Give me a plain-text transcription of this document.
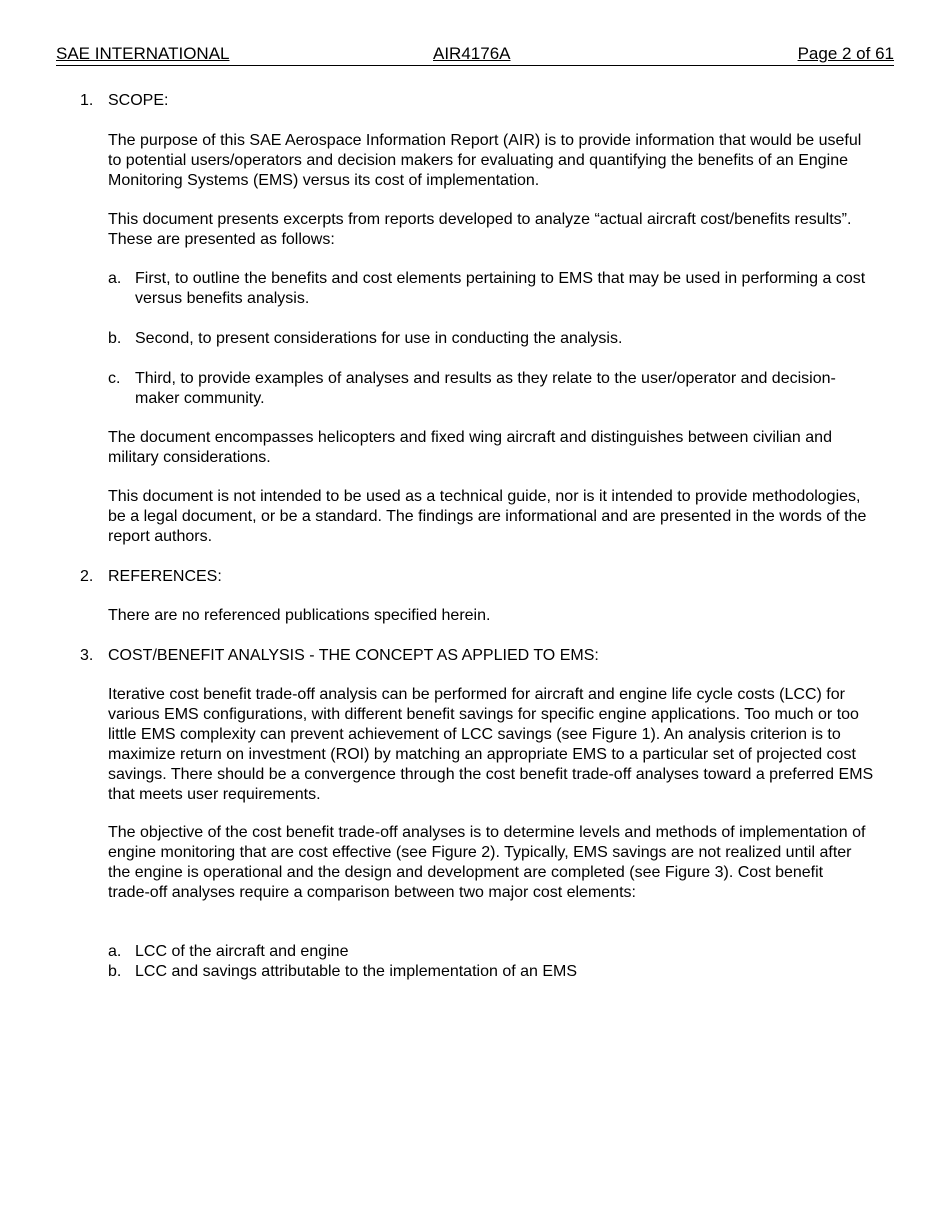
SAE INTERNATIONAL	AIR4176A	Page 2 of 61
1. SCOPE:
The purpose of this SAE Aerospace Information Report (AIR) is to provide information that would be useful to potential users/operators and decision makers for evaluating and quantifying the benefits of an Engine Monitoring Systems (EMS) versus its cost of implementation.
This document presents excerpts from reports developed to analyze “actual aircraft cost/benefits results”. These are presented as follows:
a. First, to outline the benefits and cost elements pertaining to EMS that may be used in performing a cost versus benefits analysis.
b. Second, to present considerations for use in conducting the analysis.
c. Third, to provide examples of analyses and results as they relate to the user/operator and decision-maker community.
The document encompasses helicopters and fixed wing aircraft and distinguishes between civilian and military considerations.
This document is not intended to be used as a technical guide, nor is it intended to provide methodologies, be a legal document, or be a standard. The findings are informational and are presented in the words of the report authors.
2. REFERENCES:
There are no referenced publications specified herein.
3. COST/BENEFIT ANALYSIS - THE CONCEPT AS APPLIED TO EMS:
Iterative cost benefit trade-off analysis can be performed for aircraft and engine life cycle costs (LCC) for various EMS configurations, with different benefit savings for specific engine applications. Too much or too little EMS complexity can prevent achievement of LCC savings (see Figure 1). An analysis criterion is to maximize return on investment (ROI) by matching an appropriate EMS to a particular set of projected cost savings. There should be a convergence through the cost benefit trade-off analyses toward a preferred EMS that meets user requirements.
The objective of the cost benefit trade-off analyses is to determine levels and methods of implementation of engine monitoring that are cost effective (see Figure 2). Typically, EMS savings are not realized until after the engine is operational and the design and development are completed (see Figure 3). Cost benefit trade-off analyses require a comparison between two major cost elements:
a. LCC of the aircraft and engine
b. LCC and savings attributable to the implementation of an EMS
